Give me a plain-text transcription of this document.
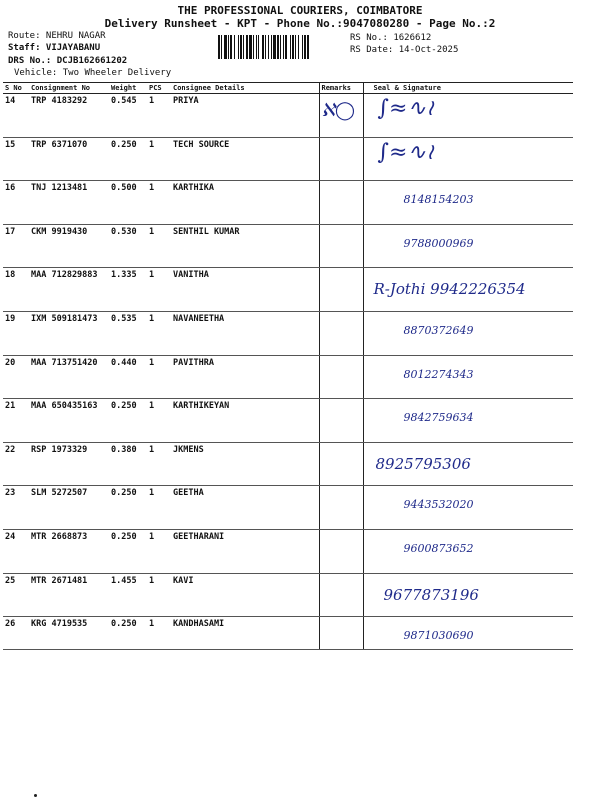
THE PROFESSIONAL COURIERS, COIMBATORE
Delivery Runsheet - KPT - Phone No.:9047080280 - Page No.:2
Route: NEHRU NAGAR
Staff: VIJAYABANU
DRS No.: DCJB162661202
Vehicle: Two Wheeler Delivery
RS No.: 1626612
RS Date: 14-Oct-2025
S No	Consignment No	Weight	PCS	Consignee Details	Remarks	Seal & Signature
14	TRP 4183292	0.545	1	PRIYA	ℵ◯	∫≈∿≀

15	TRP 6371070	0.250	1	TECH SOURCE		∫≈∿≀

16	TNJ 1213481	0.500	1	KARTHIKA		8148154203

17	CKM 9919430	0.530	1	SENTHIL KUMAR		9788000969

18	MAA 712829883	1.335	1	VANITHA		R-Jothi 9942226354

19	IXM 509181473	0.535	1	NAVANEETHA		8870372649

20	MAA 713751420	0.440	1	PAVITHRA		8012274343

21	MAA 650435163	0.250	1	KARTHIKEYAN		9842759634

22	RSP 1973329	0.380	1	JKMENS		8925795306

23	SLM 5272507	0.250	1	GEETHA		9443532020

24	MTR 2668873	0.250	1	GEETHARANI		9600873652

25	MTR 2671481	1.455	1	KAVI		9677873196

26	KRG 4719535	0.250	1	KANDHASAMI		9871030690
